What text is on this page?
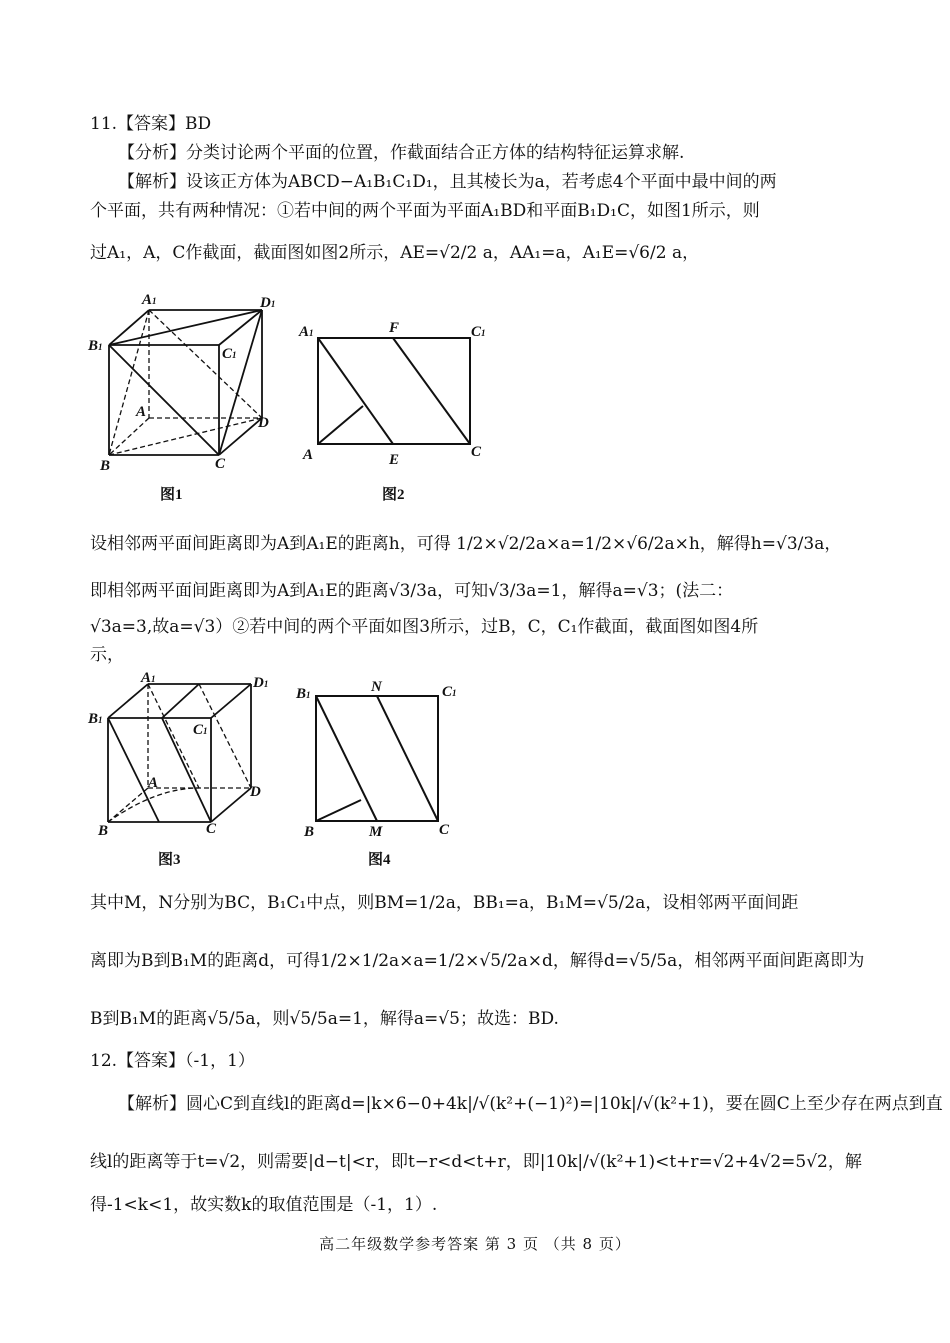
11.【答案】BD
【分析】分类讨论两个平面的位置，作截面结合正方体的结构特征运算求解.
【解析】设该正方体为ABCD−A₁B₁C₁D₁，且其棱长为a，若考虑4个平面中最中间的两
个平面，共有两种情况：①若中间的两个平面为平面A₁BD和平面B₁D₁C，如图1所示，则
过A₁，A，C作截面，截面图如图2所示，AE=√2/2 a，AA₁=a，A₁E=√6/2 a，
A1	D1
B1	C1
A
D
B	C
图1
A1	F	C1
A	E	C
图2
设相邻两平面间距离即为A到A₁E的距离h，可得 1/2×√2/2a×a=1/2×√6/2a×h，解得h=√3/3a，
即相邻两平面间距离即为A到A₁E的距离√3/3a，可知√3/3a=1，解得a=√3；(法二：
√3a=3,故a=√3）②若中间的两个平面如图3所示，过B，C，C₁作截面，截面图如图4所
示，
A1	D1
B1
C1
A
D
B	C
图3
B1	N	C1
B	M	C
图4
其中M，N分别为BC，B₁C₁中点，则BM=1/2a，BB₁=a，B₁M=√5/2a，设相邻两平面间距
离即为B到B₁M的距离d，可得1/2×1/2a×a=1/2×√5/2a×d，解得d=√5/5a，相邻两平面间距离即为
B到B₁M的距离√5/5a，则√5/5a=1，解得a=√5；故选：BD.
12.【答案】（-1，1）
【解析】圆心C到直线l的距离d=|k×6−0+4k|/√(k²+(−1)²)=|10k|/√(k²+1)，要在圆C上至少存在两点到直
线l的距离等于t=√2，则需要|d−t|<r，即t−r<d<t+r，即|10k|/√(k²+1)<t+r=√2+4√2=5√2，解
得-1<k<1，故实数k的取值范围是（-1，1）.
高二年级数学参考答案 第 3 页 （共 8 页）
